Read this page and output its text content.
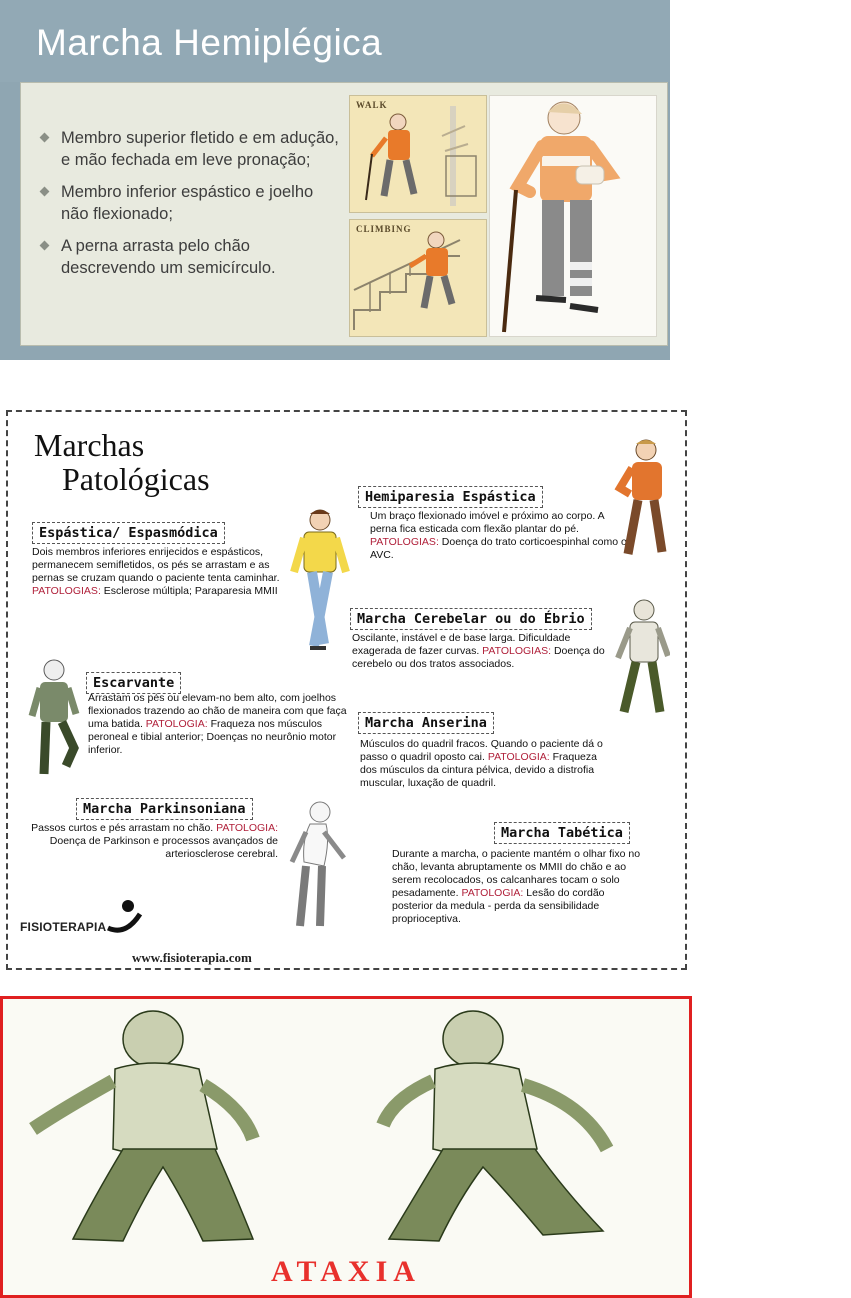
Marcha Hemiplégica
Membro superior fletido e em adução, e mão fechada em leve pronação;
Membro inferior espástico e joelho não flexionado;
A perna arrasta pelo chão descrevendo um semicírculo.
WALK
CLIMBING
Marchas
Patológicas
Espástica/ Espasmódica
Dois membros inferiores enrijecidos e espásticos, permanecem semifletidos, os pés se arrastam e as pernas se cruzam quando o paciente tenta caminhar. PATOLOGIAS: Esclerose múltipla; Paraparesia MMII
Hemiparesia Espástica
Um braço flexionado imóvel e próximo ao corpo. A perna fica esticada com flexão plantar do pé. PATOLOGIAS: Doença do trato corticoespinhal como o AVC.
Marcha Cerebelar ou do Ébrio
Oscilante, instável e de base larga. Dificuldade exagerada de fazer curvas. PATOLOGIAS: Doença do cerebelo ou dos tratos associados.
Escarvante
Arrastam os pés ou elevam-no bem alto, com joelhos flexionados trazendo ao chão de maneira com que faça uma batida. PATOLOGIA: Fraqueza nos músculos peroneal e tibial anterior; Doenças no neurônio motor inferior.
Marcha Anserina
Músculos do quadril fracos. Quando o paciente dá o passo o quadril oposto cai. PATOLOGIA: Fraqueza dos músculos da cintura pélvica, devido a distrofia muscular, luxação de quadril.
Marcha Parkinsoniana
Passos curtos e pés arrastam no chão. PATOLOGIA: Doença de Parkinson e processos avançados de arteriosclerose cerebral.
Marcha Tabética
Durante a marcha, o paciente mantém o olhar fixo no chão, levanta abruptamente os MMII do chão e ao serem recolocados, os calcanhares tocam o solo pesadamente. PATOLOGIA: Lesão do cordão posterior da medula - perda da sensibilidade proprioceptiva.
FISIOTERAPIA
www.fisioterapia.com
ATAXIA
